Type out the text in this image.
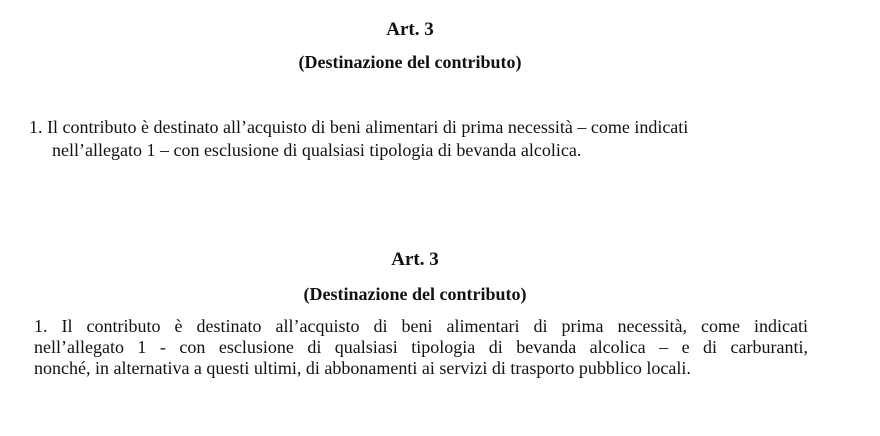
Art. 3
(Destinazione del contributo)
1. Il contributo è destinato all’acquisto di beni alimentari di prima necessità – come indicati
nell’allegato 1 – con esclusione di qualsiasi tipologia di bevanda alcolica.
Art. 3
(Destinazione del contributo)
1. Il contributo è destinato all’acquisto di beni alimentari di prima necessità, come indicati
nell’allegato 1 - con esclusione di qualsiasi tipologia di bevanda alcolica – e di carburanti,
nonché, in alternativa a questi ultimi, di abbonamenti ai servizi di trasporto pubblico locali.
